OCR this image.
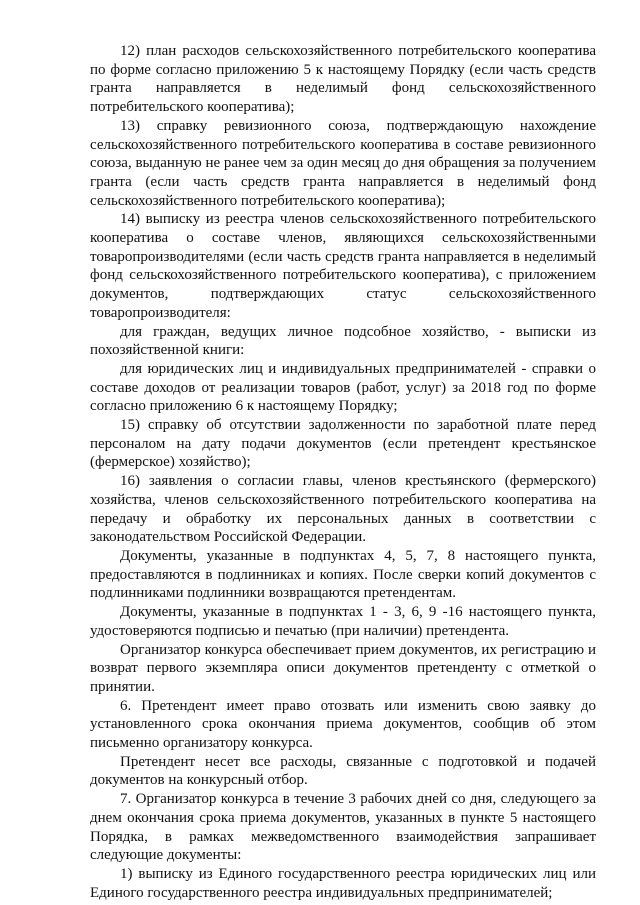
12) план расходов сельскохозяйственного потребительского кооператива по форме согласно приложению 5 к настоящему Порядку (если часть средств гранта направляется в неделимый фонд сельскохозяйственного потребительского кооператива);

13) справку ревизионного союза, подтверждающую нахождение сельскохозяйственного потребительского кооператива в составе ревизионного союза, выданную не ранее чем за один месяц до дня обращения за получением гранта (если часть средств гранта направляется в неделимый фонд сельскохозяйственного потребительского кооператива);

14) выписку из реестра членов сельскохозяйственного потребительского кооператива о составе членов, являющихся сельскохозяйственными товаропроизводителями (если часть средств гранта направляется в неделимый фонд сельскохозяйственного потребительского кооператива), с приложением документов, подтверждающих статус сельскохозяйственного товаропроизводителя:

для граждан, ведущих личное подсобное хозяйство, - выписки из похозяйственной книги:

для юридических лиц и индивидуальных предпринимателей - справки о составе доходов от реализации товаров (работ, услуг) за 2018 год по форме согласно приложению 6 к настоящему Порядку;

15) справку об отсутствии задолженности по заработной плате перед персоналом на дату подачи документов (если претендент крестьянское (фермерское) хозяйство);

16) заявления о согласии главы, членов крестьянского (фермерского) хозяйства, членов сельскохозяйственного потребительского кооператива на передачу и обработку их персональных данных в соответствии с законодательством Российской Федерации.

Документы, указанные в подпунктах 4, 5, 7, 8 настоящего пункта, предоставляются в подлинниках и копиях. После сверки копий документов с подлинниками подлинники возвращаются претендентам.

Документы, указанные в подпунктах 1 - 3, 6, 9 -16 настоящего пункта, удостоверяются подписью и печатью (при наличии) претендента.

Организатор конкурса обеспечивает прием документов, их регистрацию и возврат первого экземпляра описи документов претенденту с отметкой о принятии.

6. Претендент имеет право отозвать или изменить свою заявку до установленного срока окончания приема документов, сообщив об этом письменно организатору конкурса.

Претендент несет все расходы, связанные с подготовкой и подачей документов на конкурсный отбор.

7. Организатор конкурса в течение 3 рабочих дней со дня, следующего за днем окончания срока приема документов, указанных в пункте 5 настоящего Порядка, в рамках межведомственного взаимодействия запрашивает следующие документы:

1) выписку из Единого государственного реестра юридических лиц или Единого государственного реестра индивидуальных предпринимателей;
